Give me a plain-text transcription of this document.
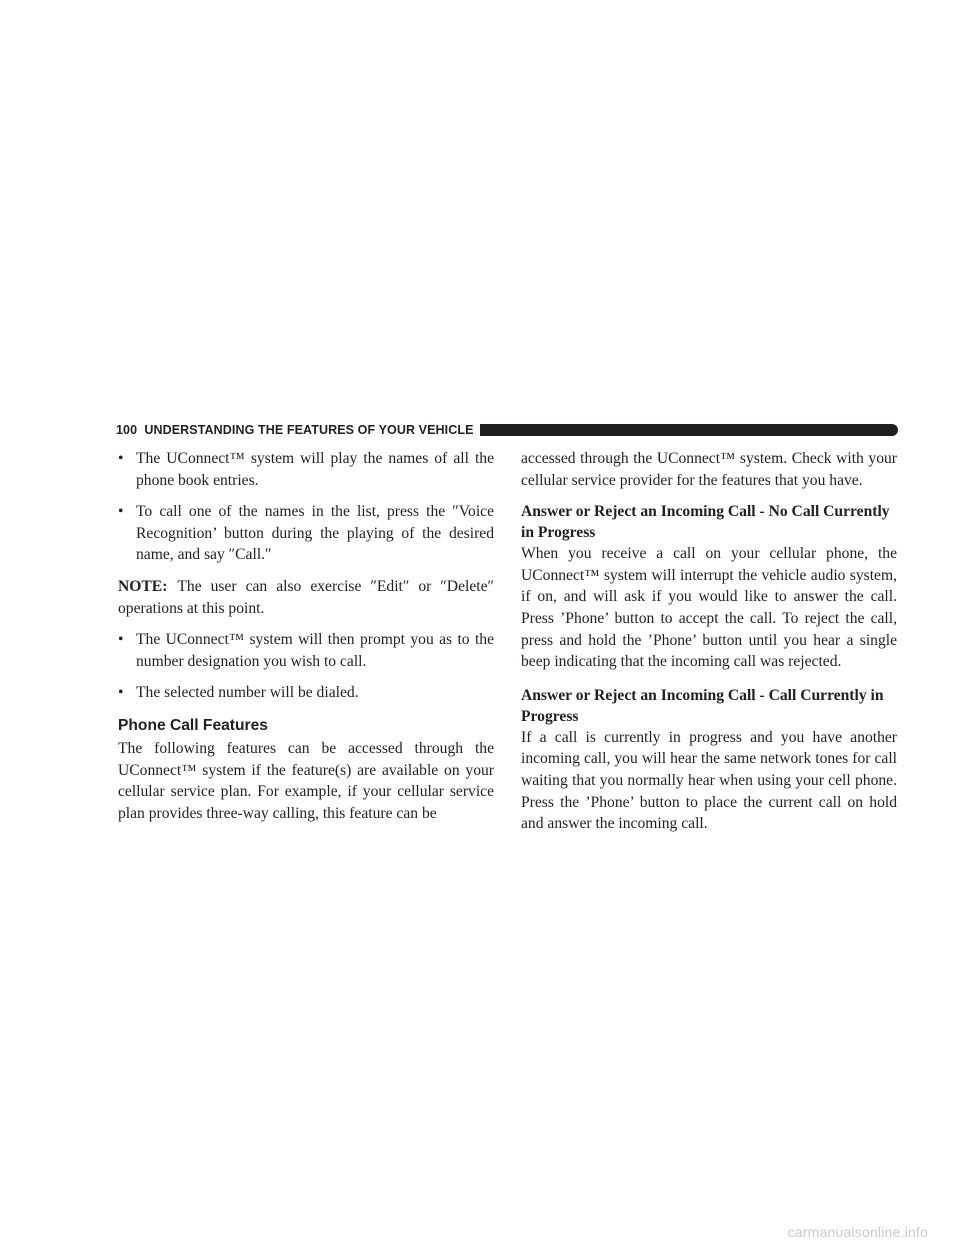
100 UNDERSTANDING THE FEATURES OF YOUR VEHICLE
• The UConnect™ system will play the names of all the phone book entries.
• To call one of the names in the list, press the ″Voice Recognition’ button during the playing of the desired name, and say ″Call.″

NOTE: The user can also exercise ″Edit″ or ″Delete″ operations at this point.

• The UConnect™ system will then prompt you as to the number designation you wish to call.
• The selected number will be dialed.
Phone Call Features

The following features can be accessed through the UConnect™ system if the feature(s) are available on your cellular service plan. For example, if your cellular service plan provides three-way calling, this feature can be

accessed through the UConnect™ system. Check with your cellular service provider for the features that you have.

Answer or Reject an Incoming Call - No Call Currently in Progress

When you receive a call on your cellular phone, the UConnect™ system will interrupt the vehicle audio system, if on, and will ask if you would like to answer the call. Press ’Phone’ button to accept the call. To reject the call, press and hold the ’Phone’ button until you hear a single beep indicating that the incoming call was rejected.

Answer or Reject an Incoming Call - Call Currently in Progress

If a call is currently in progress and you have another incoming call, you will hear the same network tones for call waiting that you normally hear when using your cell phone. Press the ’Phone’ button to place the current call on hold and answer the incoming call.

carmanualsonline.info
